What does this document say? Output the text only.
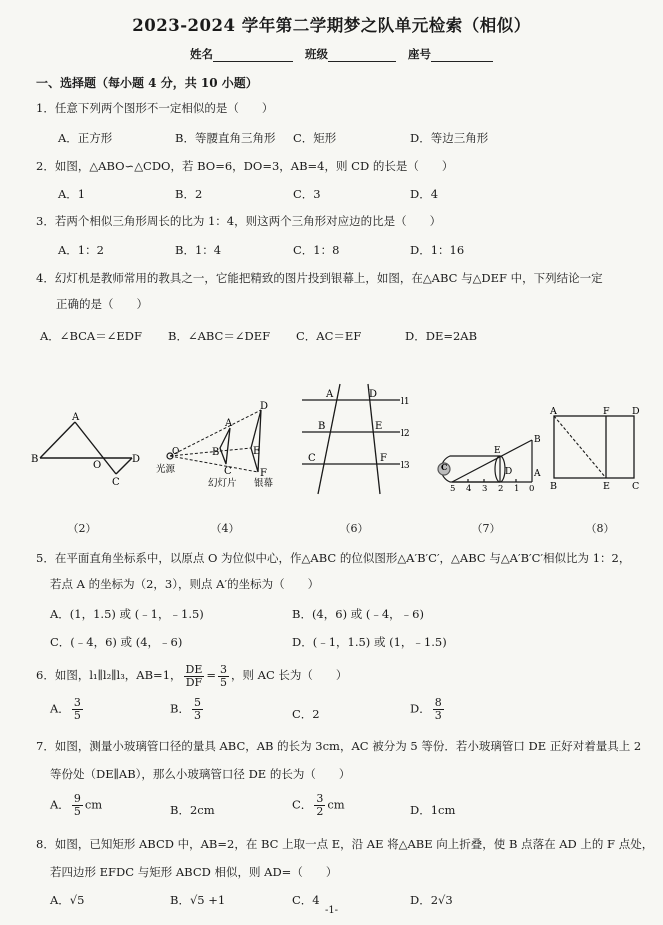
2023-2024 学年第二学期梦之队单元检索（相似）
姓名	班级	座号
一、选择题（每小题 4 分，共 10 小题）
1．任意下列两个图形不一定相似的是（　　）
A．正方形	B．等腰直角三角形 C．矩形	D．等边三角形
2．如图，△ABO∽△CDO，若 BO=6，DO=3，AB=4，则 CD 的长是（　　）
A．1	B．2	C．3	D．4
3．若两个相似三角形周长的比为 1：4，则这两个三角形对应边的比是（　　）
A．1：2	B．1：4	C．1：8	D．1：16
4．幻灯机是教师常用的教具之一，它能把精致的图片投到银幕上，如图，在△ABC 与△DEF 中，下列结论一定
正确的是（　　）
A．∠BCA＝∠EDF B．∠ABC＝∠DEF C．AC＝EF	D．DE=2AB
A
B
O
D
C
D
A
E
B
C	F
O
光源
幻灯片 银幕
A	D
B	E
C	F
l1
l2
l3
E
B
C	D A
5 4 3 2 1 0
A	F D
B	E C
（2）	（4）	（6）	（7）	（8）
5．在平面直角坐标系中，以原点 O 为位似中心，作△ABC 的位似图形△A′B′C′，△ABC 与△A′B′C′相似比为 1：2，
若点 A 的坐标为（2，3），则点 A′的坐标为（　　）
A．(1，1.5) 或 (﹣1，﹣1.5)	B．(4，6) 或 (﹣4，﹣6)
C．(﹣4，6) 或 (4，﹣6)	D．(﹣1，1.5) 或 (1，﹣1.5)
6．如图，l₁∥l₂∥l₃，AB=1， $\frac{DE}{DF} = \frac{3}{5}$ ，则 AC 长为（　　）
A． $\frac{3}{5}$	B． $\frac{5}{3}$	C．2	D． $\frac{8}{3}$
7．如图，测量小玻璃管口径的量具 ABC，AB 的长为 3cm，AC 被分为 5 等份．若小玻璃管口 DE 正好对着量具上 2
等份处（DE∥AB），那么小玻璃管口径 DE 的长为（　　）
A． $\frac{9}{5}$ cm	B．2cm	C． $\frac{3}{2}$ cm	D．1cm
8．如图，已知矩形 ABCD 中，AB=2，在 BC 上取一点 E，沿 AE 将△ABE 向上折叠，使 B 点落在 AD 上的 F 点处，
若四边形 EFDC 与矩形 ABCD 相似，则 AD=（　　）
A．√5	B．√5 +1	C．4	D．2√3
-1-
